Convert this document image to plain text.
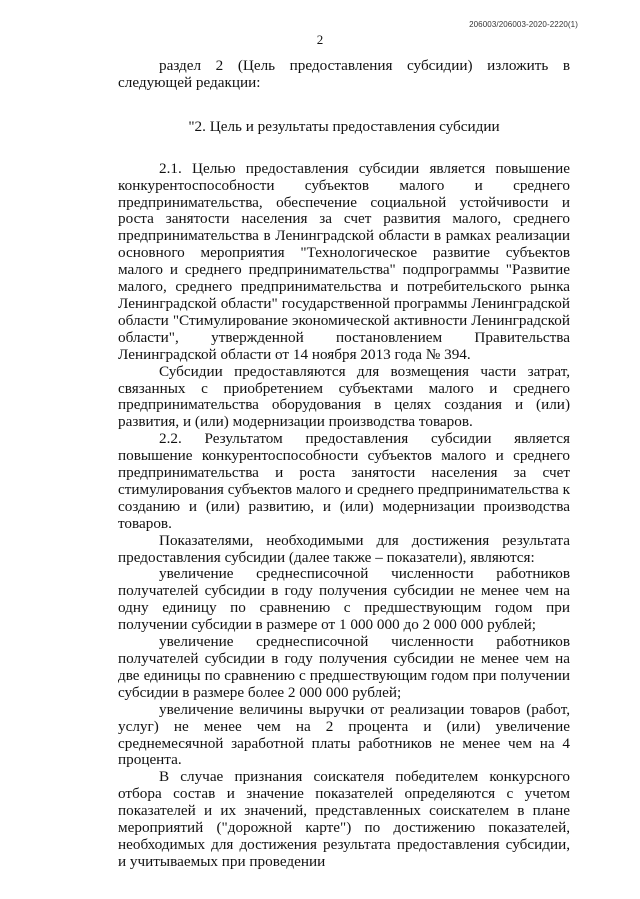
206003/206003-2020-2220(1)
2

раздел 2 (Цель предоставления субсидии) изложить в следующей редакции:

"2. Цель и результаты предоставления субсидии

2.1. Целью предоставления субсидии является повышение конкурентоспособности субъектов малого и среднего предпринимательства, обеспечение социальной устойчивости и роста занятости населения за счет развития малого, среднего предпринимательства в Ленинградской области в рамках реализации основного мероприятия "Технологическое развитие субъектов малого и среднего предпринимательства" подпрограммы "Развитие малого, среднего предпринимательства и потребительского рынка Ленинградской области" государственной программы Ленинградской области "Стимулирование экономической активности Ленинградской области", утвержденной постановлением Правительства Ленинградской области от 14 ноября 2013 года № 394.

Субсидии предоставляются для возмещения части затрат, связанных с приобретением субъектами малого и среднего предпринимательства оборудования в целях создания и (или) развития, и (или) модернизации производства товаров.

2.2. Результатом предоставления субсидии является повышение конкурентоспособности субъектов малого и среднего предпринимательства и роста занятости населения за счет стимулирования субъектов малого и среднего предпринимательства к созданию и (или) развитию, и (или) модернизации производства товаров.

Показателями, необходимыми для достижения результата предоставления субсидии (далее также – показатели), являются:

увеличение среднесписочной численности работников получателей субсидии в году получения субсидии не менее чем на одну единицу по сравнению с предшествующим годом при получении субсидии в размере от 1 000 000 до 2 000 000 рублей;

увеличение среднесписочной численности работников получателей субсидии в году получения субсидии не менее чем на две единицы по сравнению с предшествующим годом при получении субсидии в размере более 2 000 000 рублей;

увеличение величины выручки от реализации товаров (работ, услуг) не менее чем на 2 процента и (или) увеличение среднемесячной заработной платы работников не менее чем на 4 процента.

В случае признания соискателя победителем конкурсного отбора состав и значение показателей определяются с учетом показателей и их значений, представленных соискателем в плане мероприятий ("дорожной карте") по достижению показателей, необходимых для достижения результата предоставления субсидии, и учитываемых при проведении
